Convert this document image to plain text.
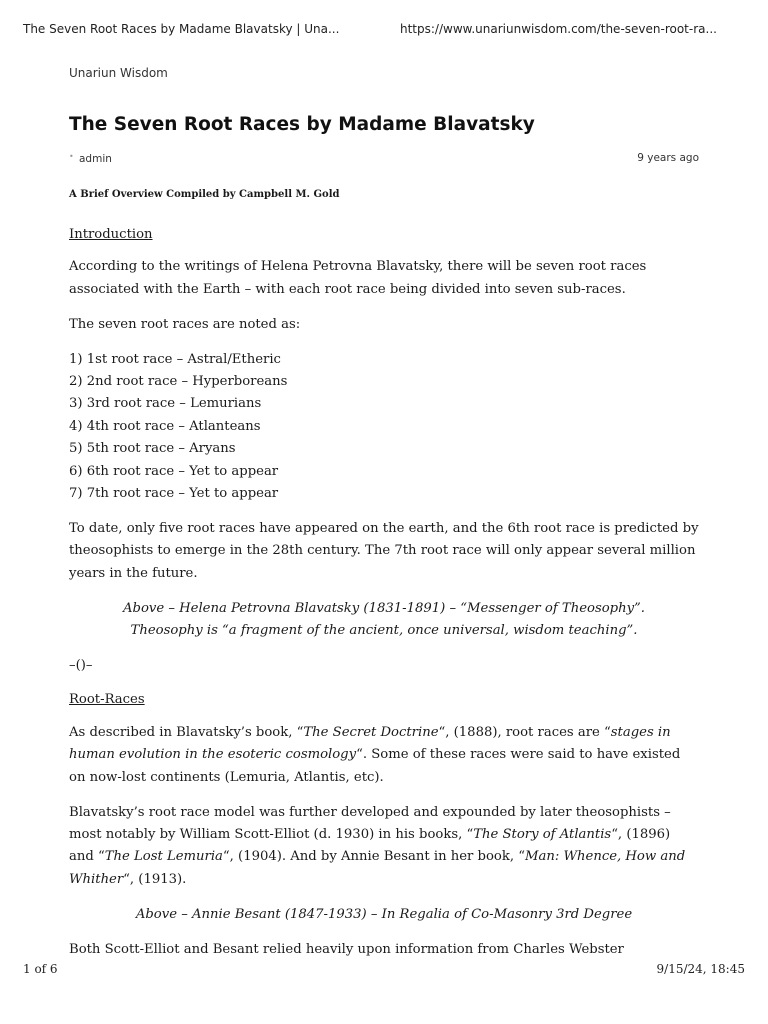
The Seven Root Races by Madame Blavatsky | Una...	https://www.unariunwisdom.com/the-seven-root-ra...
Unariun Wisdom
The Seven Root Races by Madame Blavatsky
• admin	9 years ago

A Brief Overview Compiled by Campbell M. Gold

Introduction

According to the writings of Helena Petrovna Blavatsky, there will be seven root races associated with the Earth – with each root race being divided into seven sub-races.

The seven root races are noted as:

1) 1st root race – Astral/Etheric
2) 2nd root race – Hyperboreans
3) 3rd root race – Lemurians
4) 4th root race – Atlanteans
5) 5th root race – Aryans
6) 6th root race – Yet to appear
7) 7th root race – Yet to appear

To date, only five root races have appeared on the earth, and the 6th root race is predicted by theosophists to emerge in the 28th century. The 7th root race will only appear several million years in the future.

Above – Helena Petrovna Blavatsky (1831-1891) – “Messenger of Theosophy”.
Theosophy is “a fragment of the ancient, once universal, wisdom teaching”.

–()–

Root-Races

As described in Blavatsky’s book, “The Secret Doctrine“, (1888), root races are “stages in human evolution in the esoteric cosmology“. Some of these races were said to have existed on now-lost continents (Lemuria, Atlantis, etc).

Blavatsky’s root race model was further developed and expounded by later theosophists – most notably by William Scott-Elliot (d. 1930) in his books, “The Story of Atlantis“, (1896) and “The Lost Lemuria“, (1904). And by Annie Besant in her book, “Man: Whence, How and Whither“, (1913).

Above – Annie Besant (1847-1933) – In Regalia of Co-Masonry 3rd Degree

Both Scott-Elliot and Besant relied heavily upon information from Charles Webster

1 of 6	9/15/24, 18:45
